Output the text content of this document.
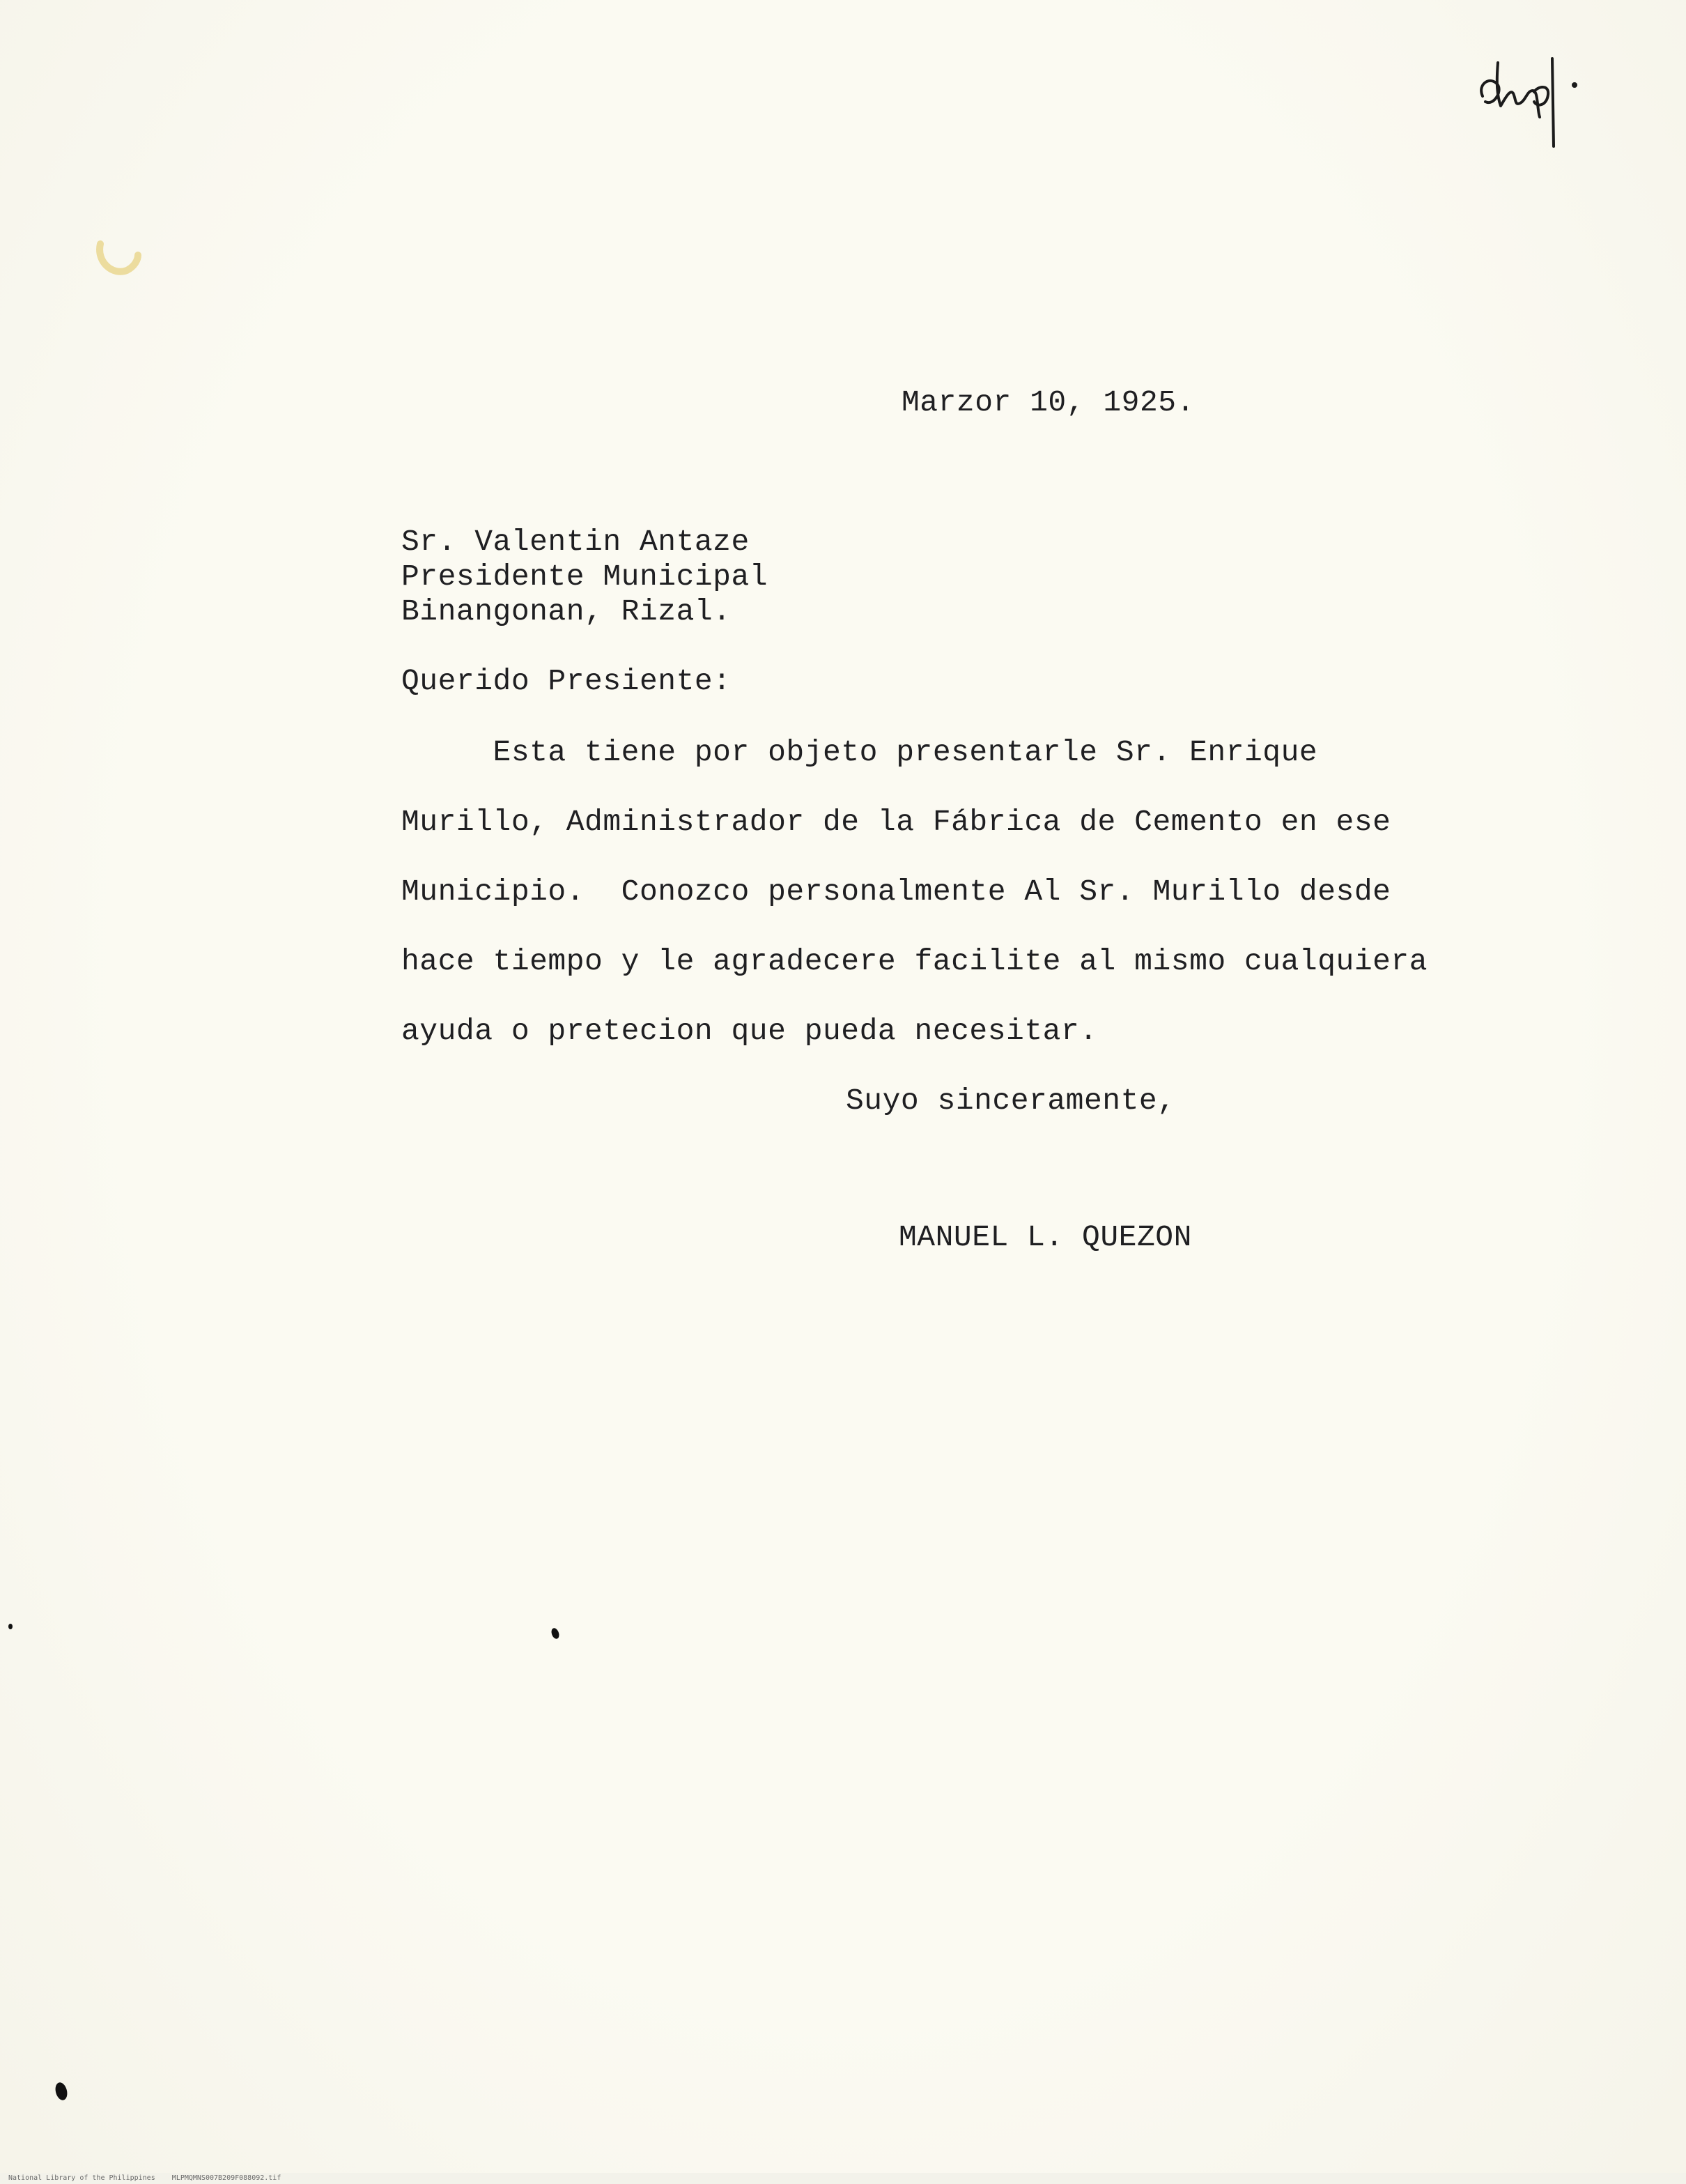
Marzor 10, 1925.
Sr. Valentin Antaze
Presidente Municipal
Binangonan, Rizal.
Querido Presiente:
Esta tiene por objeto presentarle Sr. Enrique
Murillo, Administrador de la Fábrica de Cemento en ese
Municipio.  Conozco personalmente Al Sr. Murillo desde
hace tiempo y le agradecere facilite al mismo cualquiera
ayuda o pretecion que pueda necesitar.
Suyo sinceramente,
MANUEL L. QUEZON
National Library of the Philippines    MLPMQMNS007B209F088092.tif
